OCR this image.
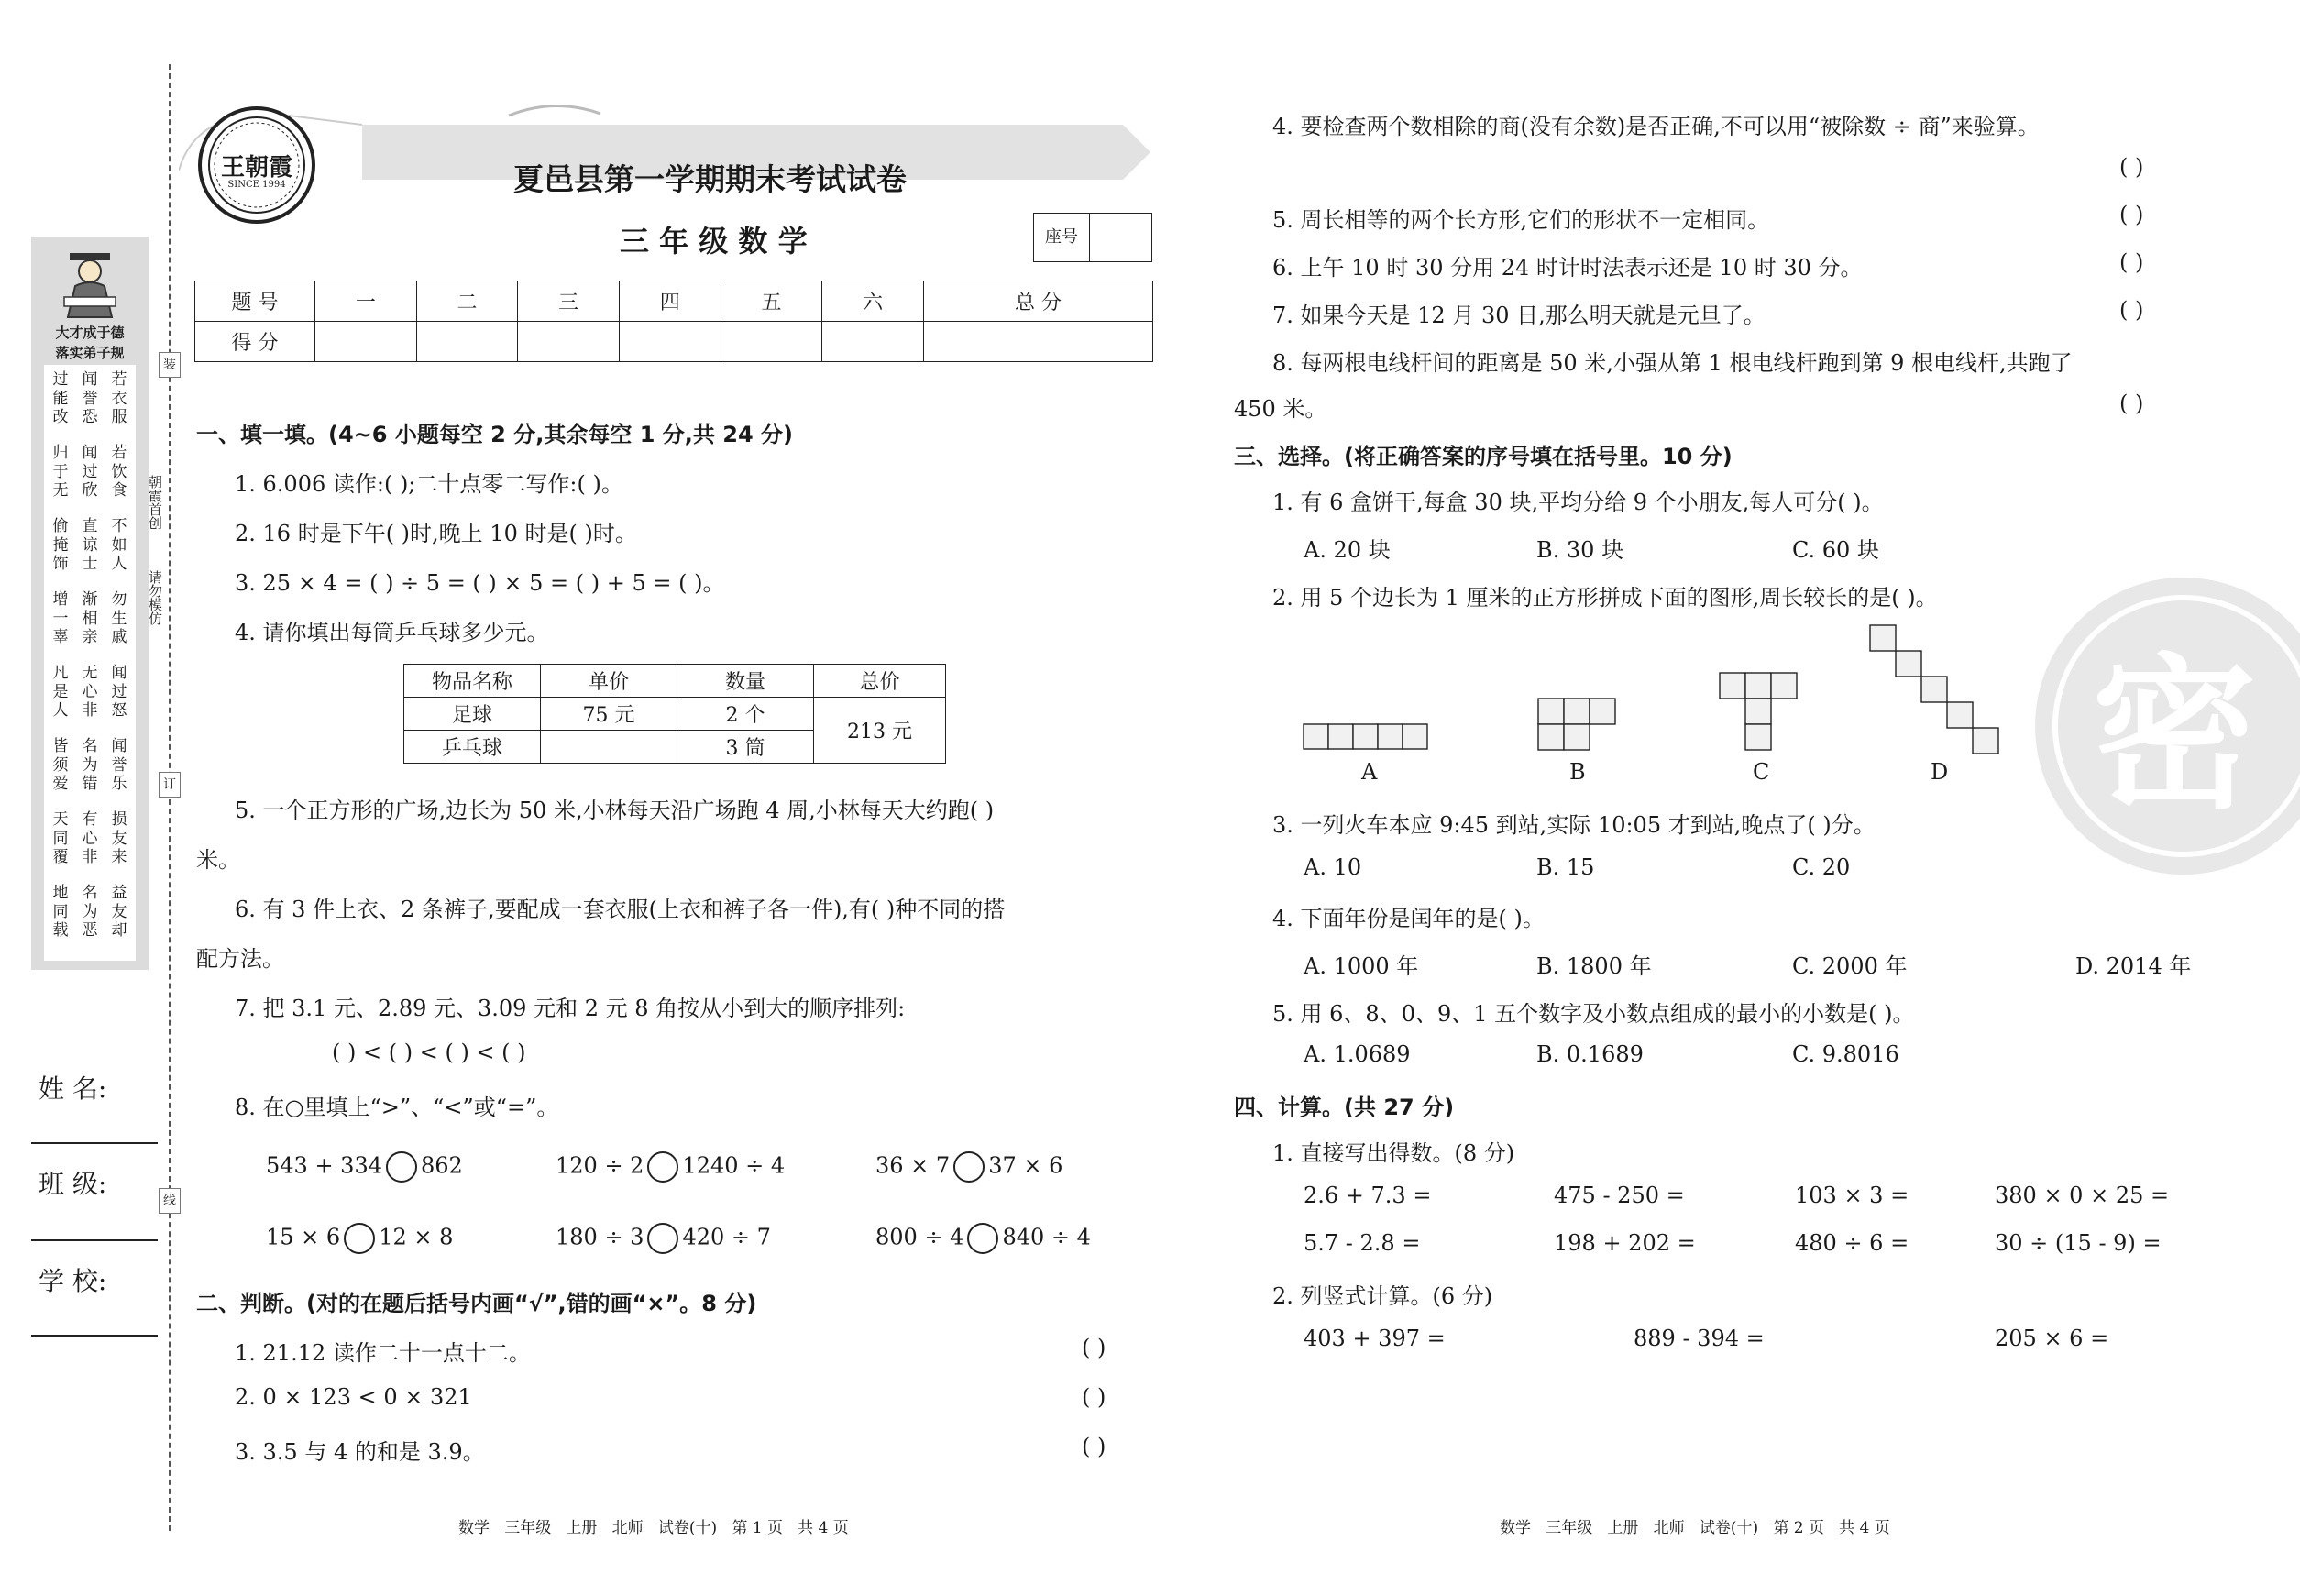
大才成于德
落实弟子规
过能改
归于无
偷掩饰
增一辜
凡是人
皆须爱
天同覆
地同载
闻誉恐
闻过欣
直谅士
渐相亲
无心非
名为错
有心非
名为恶
若衣服
若饮食
不如人
勿生戚
闻过怒
闻誉乐
损友来
益友却
朝霞首创
请勿模仿
装
订
线
姓 名:
班 级:
学 校:
王朝霞
SINCE 1994	夏邑县第一学期期末考试试卷
三 年 级 数 学	座号
题 号	一	二	三	四	五	六	总 分
得 分							
一、填一填。(4~6 小题每空 2 分,其余每空 1 分,共 24 分)
1. 6.006 读作:( );二十点零二写作:( )。
2. 16 时是下午( )时,晚上 10 时是( )时。
3. 25 × 4 = ( ) ÷ 5 = ( ) × 5 = ( ) + 5 = ( )。
4. 请你填出每筒乒乓球多少元。
物品名称	单价	数量	总价
足球	75 元	2 个	213 元
乒乓球		3 筒	
5. 一个正方形的广场,边长为 50 米,小林每天沿广场跑 4 周,小林每天大约跑( )
米。
6. 有 3 件上衣、2 条裤子,要配成一套衣服(上衣和裤子各一件),有( )种不同的搭
配方法。
7. 把 3.1 元、2.89 元、3.09 元和 2 元 8 角按从小到大的顺序排列:
( ) < ( ) < ( ) < ( )
8. 在○里填上“>”、“<”或“=”。
543 + 334 862	120 ÷ 2 1240 ÷ 4	36 × 7 37 × 6
15 × 6 12 × 8	180 ÷ 3 420 ÷ 7	800 ÷ 4 840 ÷ 4
二、判断。(对的在题后括号内画“√”,错的画“×”。8 分)
1. 21.12 读作二十一点十二。	( )
2. 0 × 123 < 0 × 321	( )
3. 3.5 与 4 的和是 3.9。	( )
数学   三年级   上册   北师   试卷(十)   第 1 页   共 4 页
密
4. 要检查两个数相除的商(没有余数)是否正确,不可以用“被除数 ÷ 商”来验算。
( )
5. 周长相等的两个长方形,它们的形状不一定相同。	( )
6. 上午 10 时 30 分用 24 时计时法表示还是 10 时 30 分。	( )
7. 如果今天是 12 月 30 日,那么明天就是元旦了。	( )
8. 每两根电线杆间的距离是 50 米,小强从第 1 根电线杆跑到第 9 根电线杆,共跑了
450 米。	( )
三、选择。(将正确答案的序号填在括号里。10 分)
1. 有 6 盒饼干,每盒 30 块,平均分给 9 个小朋友,每人可分( )。
A. 20 块	B. 30 块	C. 60 块
2. 用 5 个边长为 1 厘米的正方形拼成下面的图形,周长较长的是( )。
A	B	C	D
3. 一列火车本应 9:45 到站,实际 10:05 才到站,晚点了( )分。
A. 10	B. 15	C. 20
4. 下面年份是闰年的是( )。
A. 1000 年	B. 1800 年	C. 2000 年	D. 2014 年
5. 用 6、8、0、9、1 五个数字及小数点组成的最小的小数是( )。
A. 1.0689	B. 0.1689	C. 9.8016
四、计算。(共 27 分)
1. 直接写出得数。(8 分)
2.6 + 7.3 =	475 - 250 =	103 × 3 =	380 × 0 × 25 =
5.7 - 2.8 =	198 + 202 =	480 ÷ 6 =	30 ÷ (15 - 9) =
2. 列竖式计算。(6 分)
403 + 397 =	889 - 394 =	205 × 6 =
数学   三年级   上册   北师   试卷(十)   第 2 页   共 4 页
